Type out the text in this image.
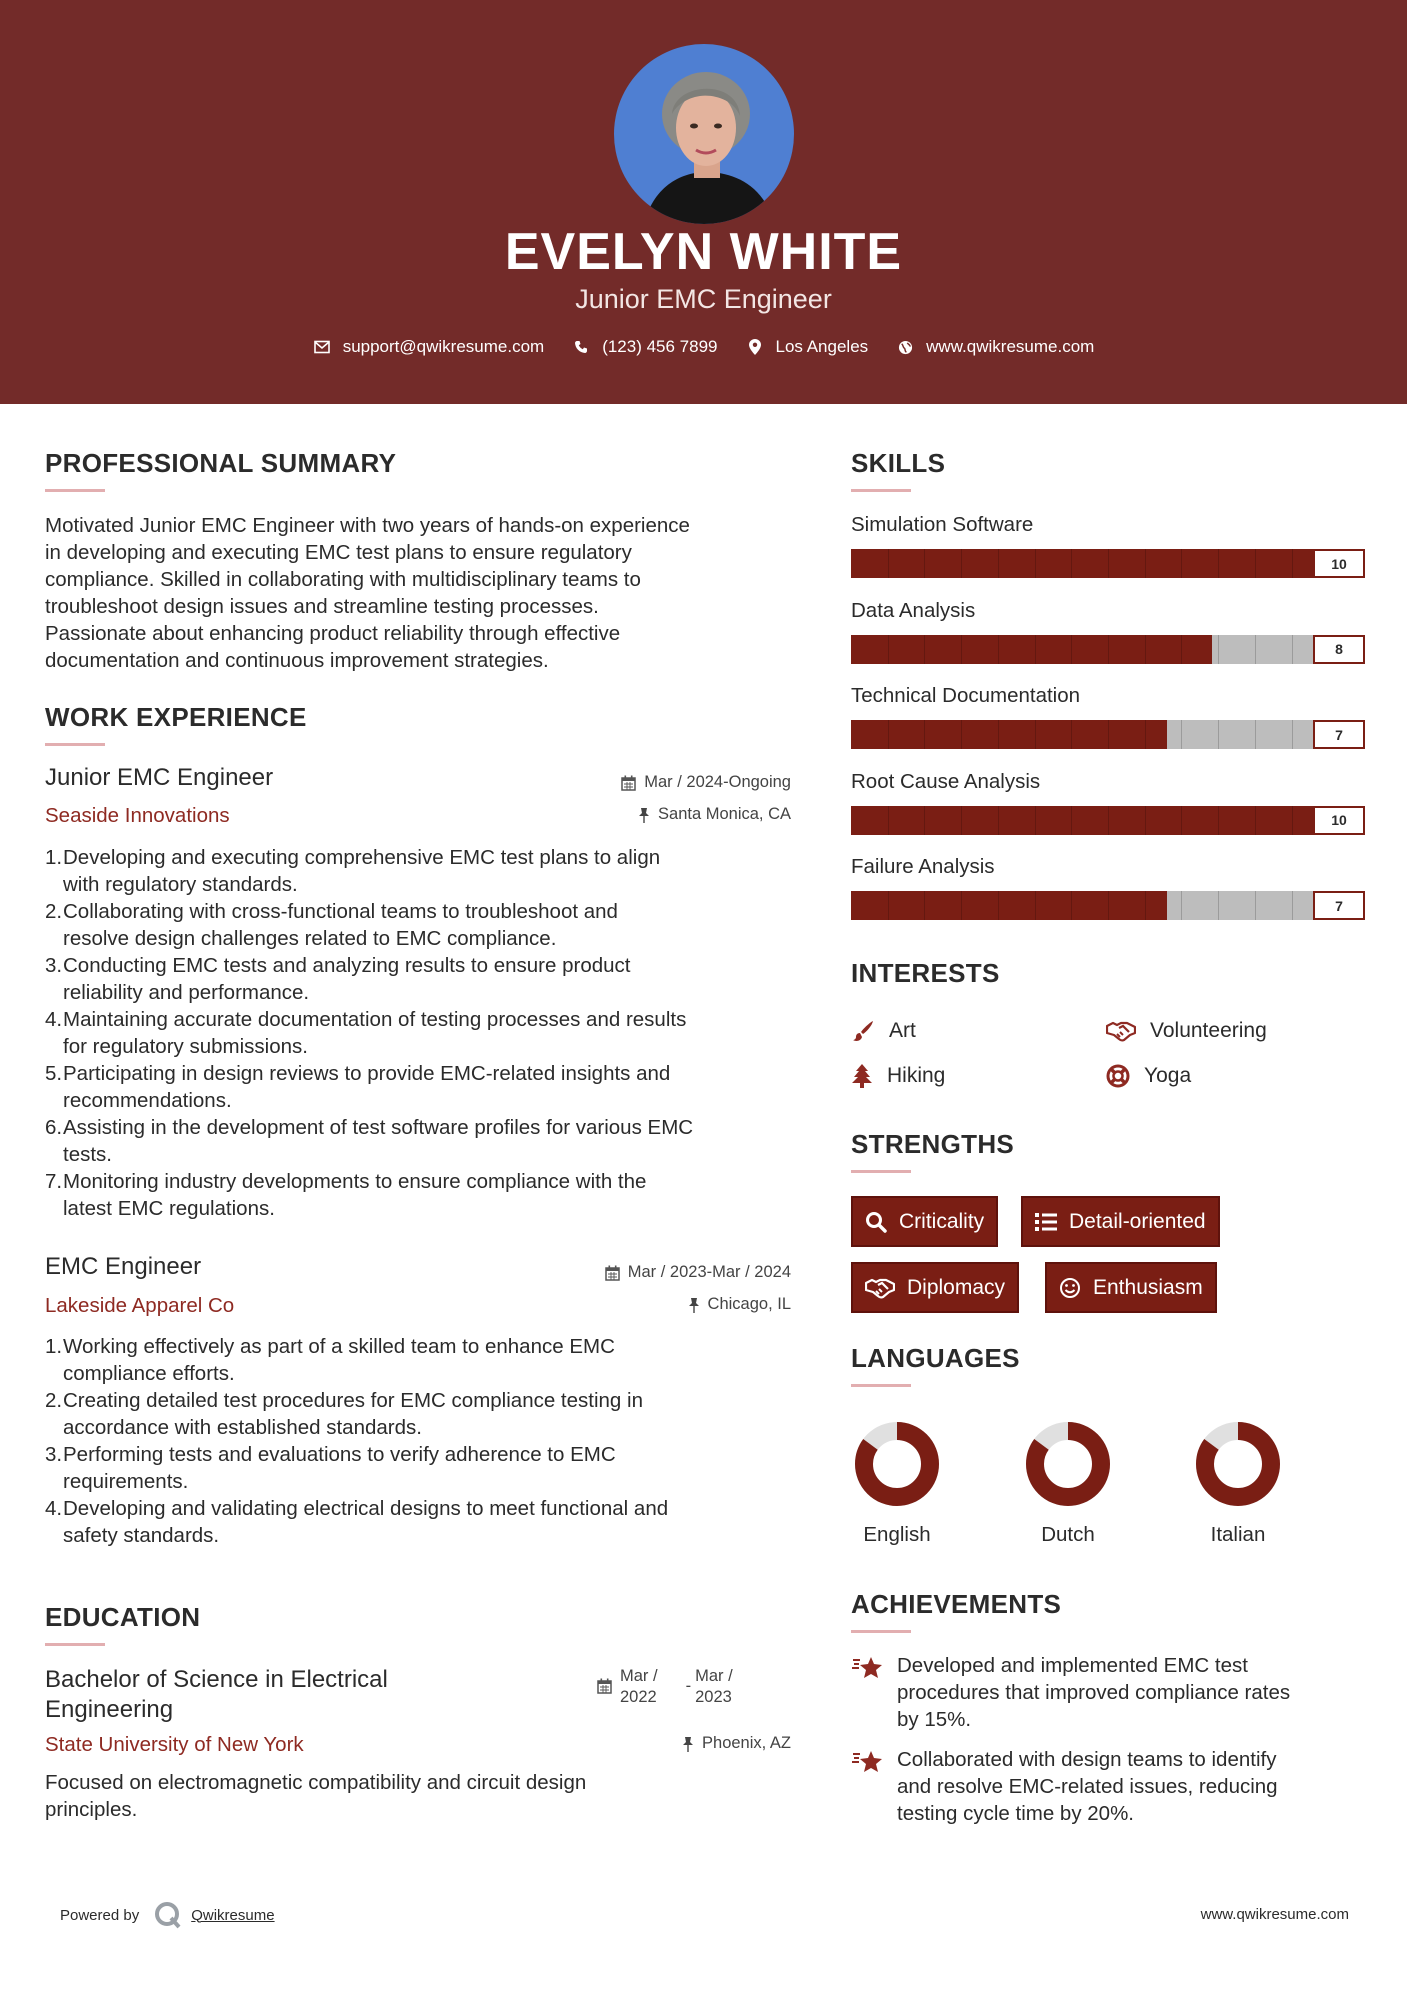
EVELYN WHITE
Junior EMC Engineer
support@qwikresume.com	(123) 456 7899	Los Angeles	www.qwikresume.com
PROFESSIONAL SUMMARY
Motivated Junior EMC Engineer with two years of hands-on experience
in developing and executing EMC test plans to ensure regulatory
compliance. Skilled in collaborating with multidisciplinary teams to
troubleshoot design issues and streamline testing processes.
Passionate about enhancing product reliability through effective
documentation and continuous improvement strategies.
WORK EXPERIENCE
Junior EMC Engineer	Mar / 2024-Ongoing
Seaside Innovations	Santa Monica, CA
1. Developing and executing comprehensive EMC test plans to align
with regulatory standards.
2. Collaborating with cross-functional teams to troubleshoot and
resolve design challenges related to EMC compliance.
3. Conducting EMC tests and analyzing results to ensure product
reliability and performance.
4. Maintaining accurate documentation of testing processes and results
for regulatory submissions.
5. Participating in design reviews to provide EMC-related insights and
recommendations.
6. Assisting in the development of test software profiles for various EMC
tests.
7. Monitoring industry developments to ensure compliance with the
latest EMC regulations.
EMC Engineer	Mar / 2023-Mar / 2024
Lakeside Apparel Co	Chicago, IL
1. Working effectively as part of a skilled team to enhance EMC
compliance efforts.
2. Creating detailed test procedures for EMC compliance testing in
accordance with established standards.
3. Performing tests and evaluations to verify adherence to EMC
requirements.
4. Developing and validating electrical designs to meet functional and
safety standards.
EDUCATION
Bachelor of Science in Electrical
Engineering
Mar /
2022
-
Mar /
2023
State University of New York	Phoenix, AZ
Focused on electromagnetic compatibility and circuit design
principles.
SKILLS
Simulation Software
10
Data Analysis
8
Technical Documentation
7
Root Cause Analysis
10
Failure Analysis
7
INTERESTS
Art	Volunteering
Hiking	Yoga
STRENGTHS
Criticality	Detail-oriented
Diplomacy	Enthusiasm
LANGUAGES
English	Dutch	Italian
ACHIEVEMENTS
Developed and implemented EMC test
procedures that improved compliance rates
by 15%.
Collaborated with design teams to identify
and resolve EMC-related issues, reducing
testing cycle time by 20%.
Powered by	Qwikresume	www.qwikresume.com
